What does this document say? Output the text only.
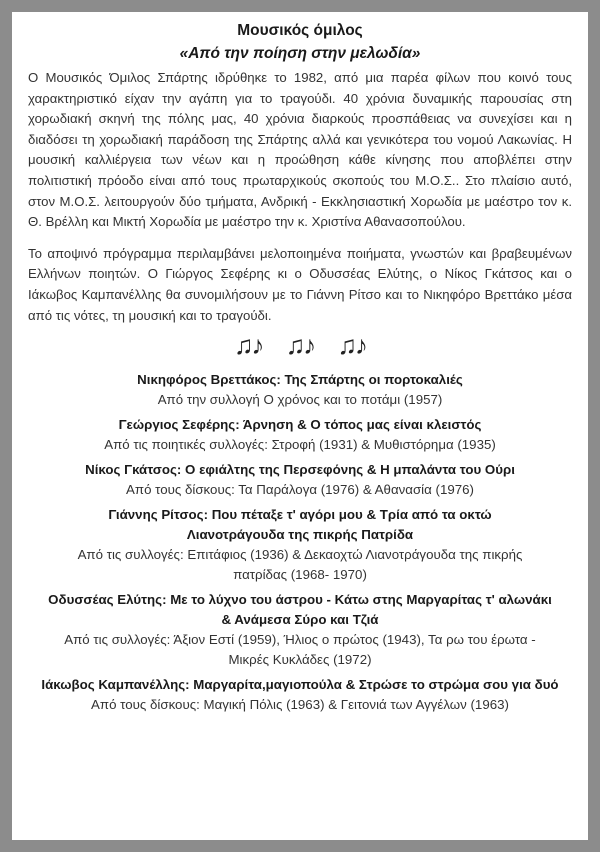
Μουσικός όμιλος
«Από την ποίηση στην μελωδία»

Ο Μουσικός Όμιλος Σπάρτης ιδρύθηκε το 1982, από μια παρέα φίλων που κοινό τους χαρακτηριστικό είχαν την αγάπη για το τραγούδι. 40 χρόνια δυναμικής παρουσίας στη χορωδιακή σκηνή της πόλης μας, 40 χρόνια διαρκούς προσπάθειας να συνεχίσει και η διαδόσει τη χορωδιακή παράδοση της Σπάρτης αλλά και γενικότερα του νομού Λακωνίας. Η μουσική καλλιέργεια των νέων και η προώθηση κάθε κίνησης που αποβλέπει στην πολιτιστική πρόοδο είναι από τους πρωταρχικούς σκοπούς του Μ.Ο.Σ.. Στο πλαίσιο αυτό, στον Μ.Ο.Σ. λειτουργούν δύο τμήματα, Ανδρική - Εκκλησιαστική Χορωδία με μαέστρο τον κ. Θ. Βρέλλη και Μικτή Χορωδία με μαέστρο την κ. Χριστίνα Αθανασοπούλου.

Το αποψινό πρόγραμμα περιλαμβάνει μελοποιημένα ποιήματα, γνωστών και βραβευμένων Ελλήνων ποιητών. Ο Γιώργος Σεφέρης κι ο Οδυσσέας Ελύτης, ο Νίκος Γκάτσος και ο Ιάκωβος Καμπανέλλης θα συνομιλήσουν με το Γιάννη Ρίτσο και το Νικηφόρο Βρεττάκο μέσα από τις νότες, τη μουσική και το τραγούδι.

♫♪ ♫♪ ♫♪

Νικηφόρος Βρεττάκος: Της Σπάρτης οι πορτοκαλιές

Από την συλλογή Ο χρόνος και το ποτάμι (1957)

Γεώργιος Σεφέρης: Άρνηση & Ο τόπος μας είναι κλειστός

Από τις ποιητικές συλλογές: Στροφή (1931) & Μυθιστόρημα (1935)

Νίκος Γκάτσος: Ο εφιάλτης της Περσεφόνης & Η μπαλάντα του Ούρι

Από τους δίσκους: Τα Παράλογα (1976) & Αθανασία (1976)

Γιάννης Ρίτσος: Που πέταξε τ' αγόρι μου & Τρία από τα οκτώ Λιανοτράγουδα της πικρής Πατρίδα

Από τις συλλογές: Επιτάφιος (1936) & Δεκαοχτώ Λιανοτράγουδα της πικρής πατρίδας (1968- 1970)

Οδυσσέας Ελύτης: Με το λύχνο του άστρου - Κάτω στης Μαργαρίτας τ' αλωνάκι & Ανάμεσα Σύρο και Τζιά

Από τις συλλογές: Άξιον Εστί (1959), Ήλιος ο πρώτος (1943), Τα ρω του έρωτα - Μικρές Κυκλάδες (1972)

Ιάκωβος Καμπανέλλης: Μαργαρίτα,μαγιοπούλα & Στρώσε το στρώμα σου για δυό

Από τους δίσκους: Μαγική Πόλις (1963) & Γειτονιά των Αγγέλων (1963)
